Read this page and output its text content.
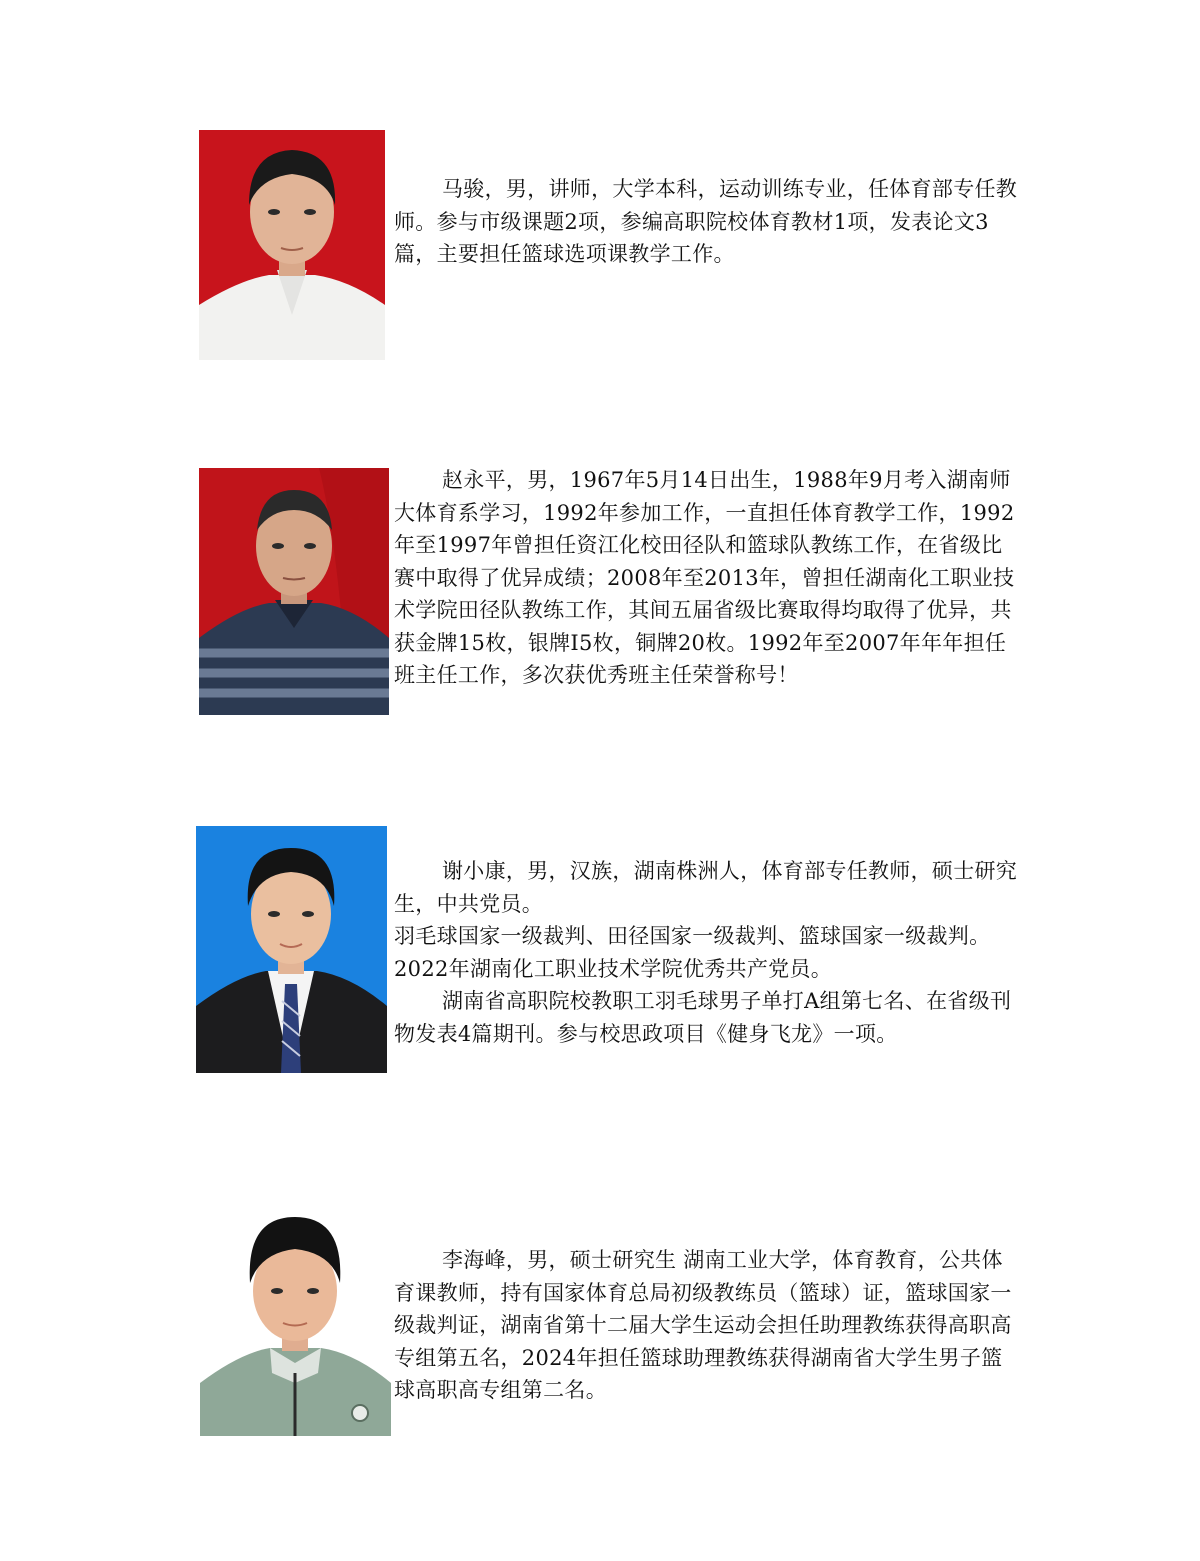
马骏，男，讲师，大学本科，运动训练专业，任体育部专任教师。参与市级课题2项，参编高职院校体育教材1项，发表论文3篇，主要担任篮球选项课教学工作。

赵永平，男，1967年5月14日出生，1988年9月考入湖南师大体育系学习，1992年参加工作，一直担任体育教学工作，1992年至1997年曾担任资江化校田径队和篮球队教练工作，在省级比赛中取得了优异成绩；2008年至2013年，曾担任湖南化工职业技术学院田径队教练工作，其间五届省级比赛取得均取得了优异，共获金牌15枚，银牌I5枚，铜牌20枚。1992年至2007年年年担任班主任工作，多次获优秀班主任荣誉称号！

谢小康，男，汉族，湖南株洲人，体育部专任教师，硕士研究生，中共党员。

羽毛球国家一级裁判、田径国家一级裁判、篮球国家一级裁判。2022年湖南化工职业技术学院优秀共产党员。

湖南省高职院校教职工羽毛球男子单打A组第七名、在省级刊物发表4篇期刊。参与校思政项目《健身飞龙》一项。

李海峰，男，硕士研究生 湖南工业大学，体育教育，公共体育课教师，持有国家体育总局初级教练员（篮球）证，篮球国家一级裁判证，湖南省第十二届大学生运动会担任助理教练获得高职高专组第五名，2024年担任篮球助理教练获得湖南省大学生男子篮球高职高专组第二名。
